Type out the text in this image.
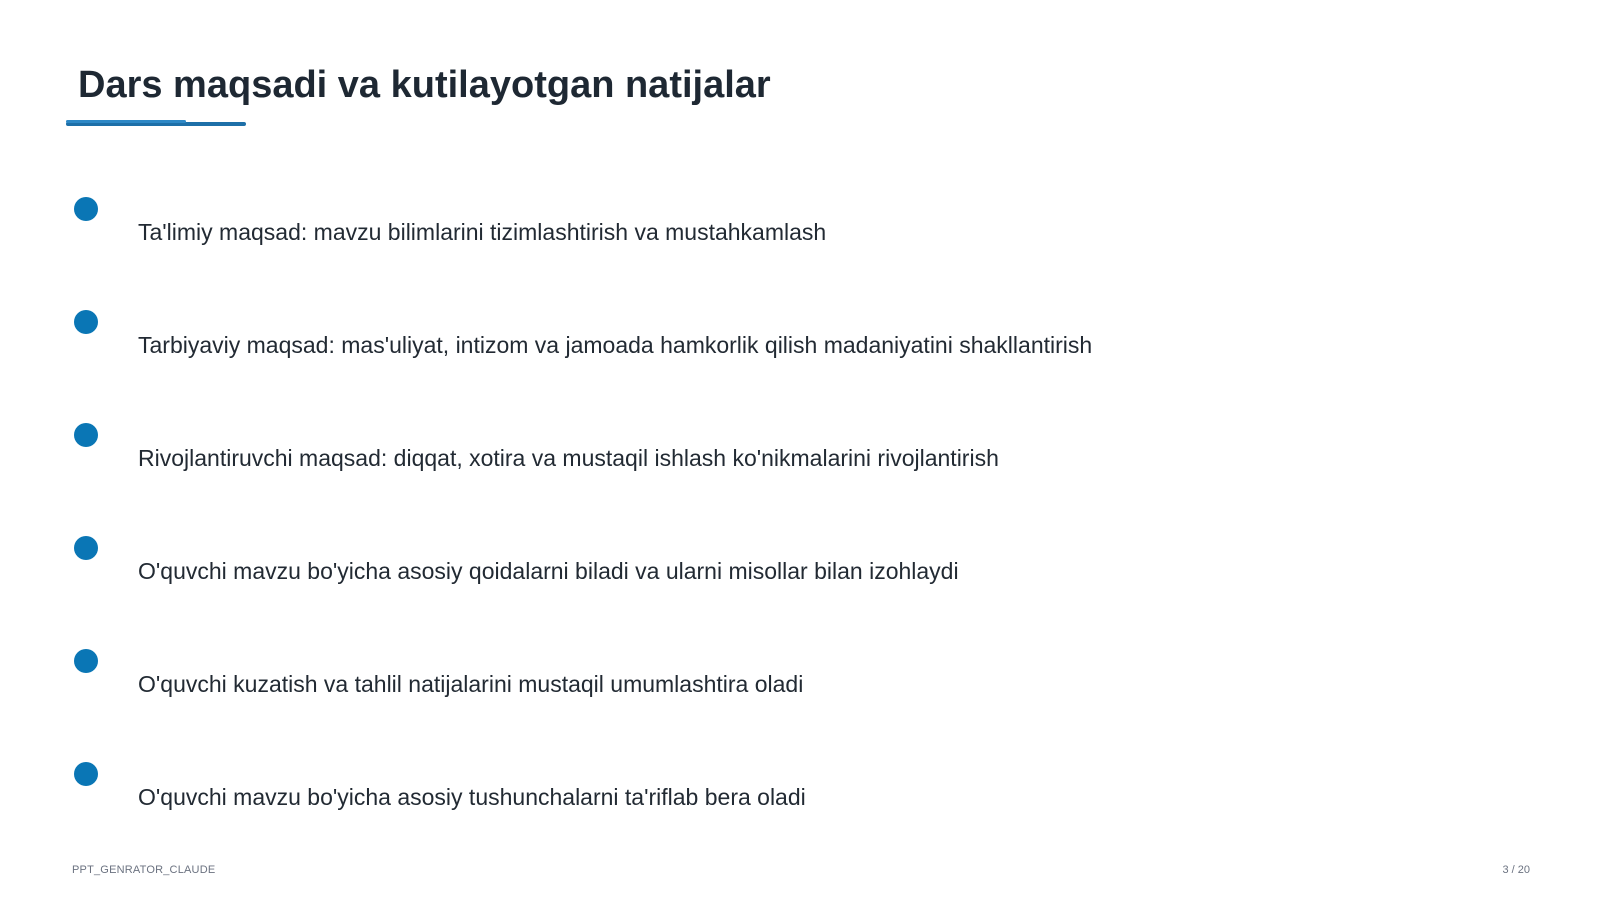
Dars maqsadi va kutilayotgan natijalar
Ta'limiy maqsad: mavzu bilimlarini tizimlashtirish va mustahkamlash
Tarbiyaviy maqsad: mas'uliyat, intizom va jamoada hamkorlik qilish madaniyatini shakllantirish
Rivojlantiruvchi maqsad: diqqat, xotira va mustaqil ishlash ko'nikmalarini rivojlantirish
O'quvchi mavzu bo'yicha asosiy qoidalarni biladi va ularni misollar bilan izohlaydi
O'quvchi kuzatish va tahlil natijalarini mustaqil umumlashtira oladi
O'quvchi mavzu bo'yicha asosiy tushunchalarni ta'riflab bera oladi
PPT_GENRATOR_CLAUDE	3 / 20
